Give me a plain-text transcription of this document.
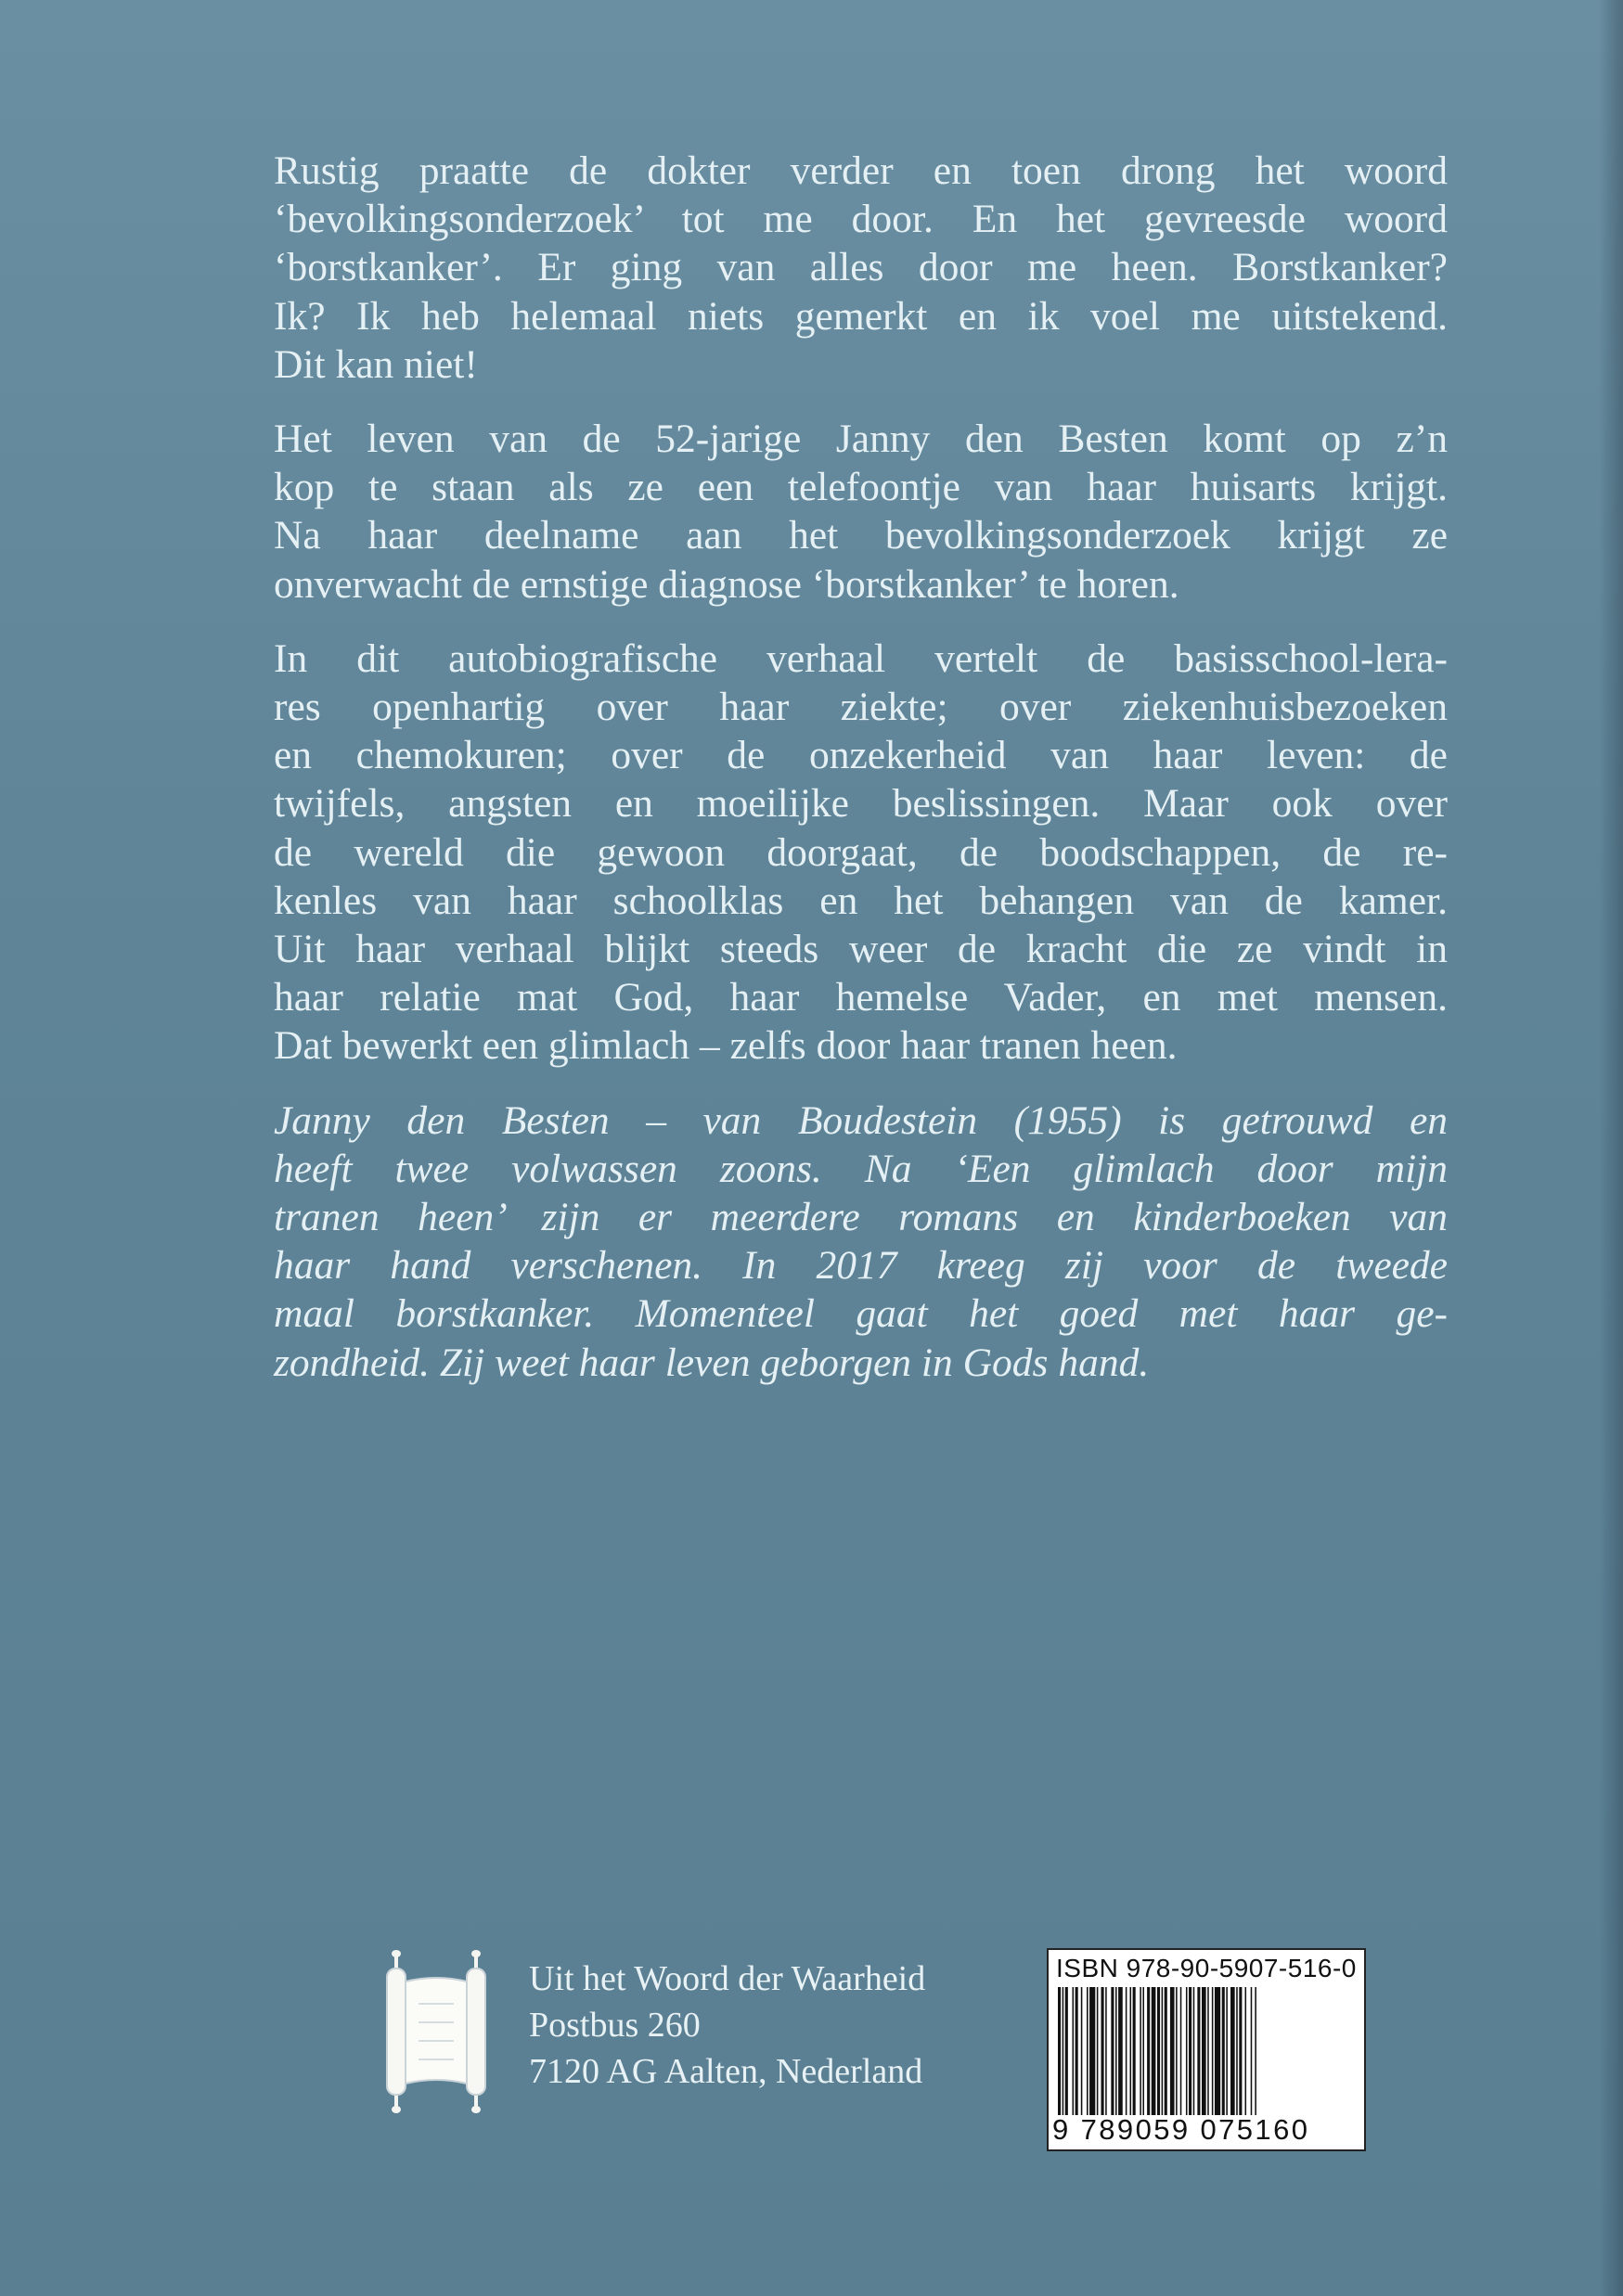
Rustig praatte de dokter verder en toen drong het woord
‘bevolkingsonderzoek’ tot me door. En het gevreesde woord
‘borstkanker’. Er ging van alles door me heen. Borstkanker?
Ik? Ik heb helemaal niets gemerkt en ik voel me uitstekend.
Dit kan niet!

Het leven van de 52-jarige Janny den Besten komt op z’n
kop te staan als ze een telefoontje van haar huisarts krijgt.
Na haar deelname aan het bevolkingsonderzoek krijgt ze
onverwacht de ernstige diagnose ‘borstkanker’ te horen.

In dit autobiografische verhaal vertelt de basisschool-lera-
res openhartig over haar ziekte; over ziekenhuisbezoeken
en chemokuren; over de onzekerheid van haar leven: de
twijfels, angsten en moeilijke beslissingen. Maar ook over
de wereld die gewoon doorgaat, de boodschappen, de re-
kenles van haar schoolklas en het behangen van de kamer.
Uit haar verhaal blijkt steeds weer de kracht die ze vindt in
haar relatie mat God, haar hemelse Vader, en met mensen.
Dat bewerkt een glimlach – zelfs door haar tranen heen.

Janny den Besten – van Boudestein (1955) is getrouwd en
heeft twee volwassen zoons. Na ‘Een glimlach door mijn
tranen heen’ zijn er meerdere romans en kinderboeken van
haar hand verschenen. In 2017 kreeg zij voor de tweede
maal borstkanker. Momenteel gaat het goed met haar ge-
zondheid. Zij weet haar leven geborgen in Gods hand.

Uit het Woord der Waarheid
Postbus 260
7120 AG Aalten, Nederland
ISBN 978-90-5907-516-0
9 789059 075160
